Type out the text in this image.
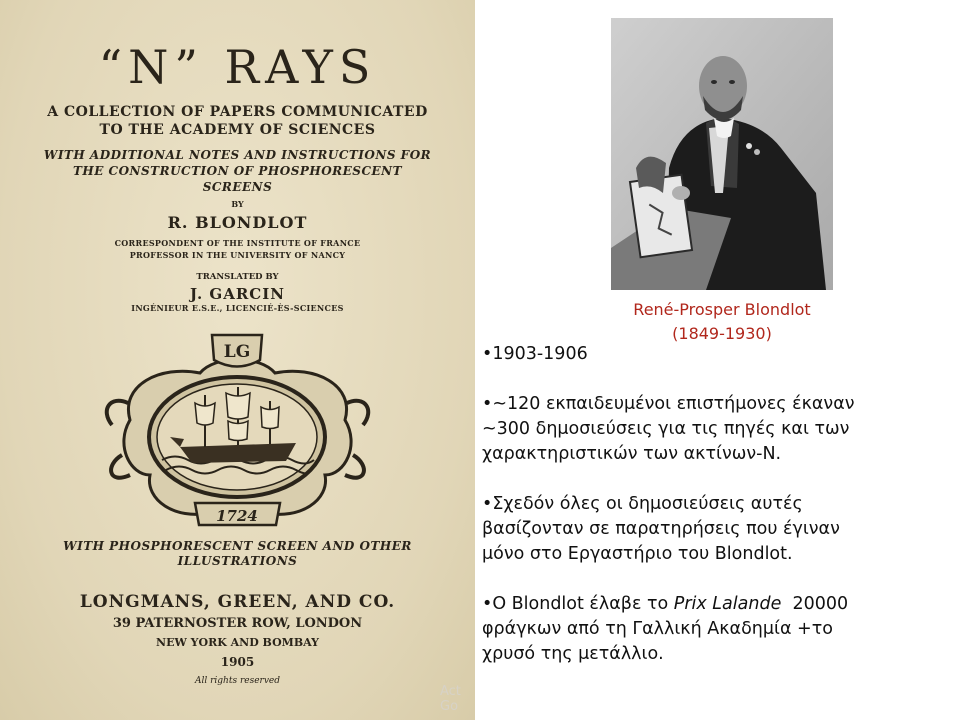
“N” RAYS
A COLLECTION OF PAPERS COMMUNICATED
TO THE ACADEMY OF SCIENCES
WITH ADDITIONAL NOTES AND INSTRUCTIONS FOR
THE CONSTRUCTION OF PHOSPHORESCENT
SCREENS
BY
R. BLONDLOT
CORRESPONDENT OF THE INSTITUTE OF FRANCE
PROFESSOR IN THE UNIVERSITY OF NANCY
TRANSLATED BY
J. GARCIN
INGÉNIEUR E.S.E., LICENCIÉ-ÈS-SCIENCES
LG
1724
WITH PHOSPHORESCENT SCREEN AND OTHER
ILLUSTRATIONS
LONGMANS, GREEN, AND CO.
39 PATERNOSTER ROW, LONDON
NEW YORK AND BOMBAY
1905
All rights reserved
René-Prosper Blondlot
(1849-1930)

•1903-1906

•~120 εκπαιδευμένοι επιστήμονες έκαναν

~300 δημοσιεύσεις για τις πηγές και των

χαρακτηριστικών των ακτίνων-Ν.

•Σχεδόν όλες οι δημοσιεύσεις αυτές

βασίζονταν σε παρατηρήσεις που έγιναν

μόνο στο Εργαστήριο του Blondlot.

•Ο Blondlot έλαβε το Prix Lalande  20000

φράγκων από τη Γαλλική Ακαδημία +το

χρυσό της μετάλλιο.

Act
Go
